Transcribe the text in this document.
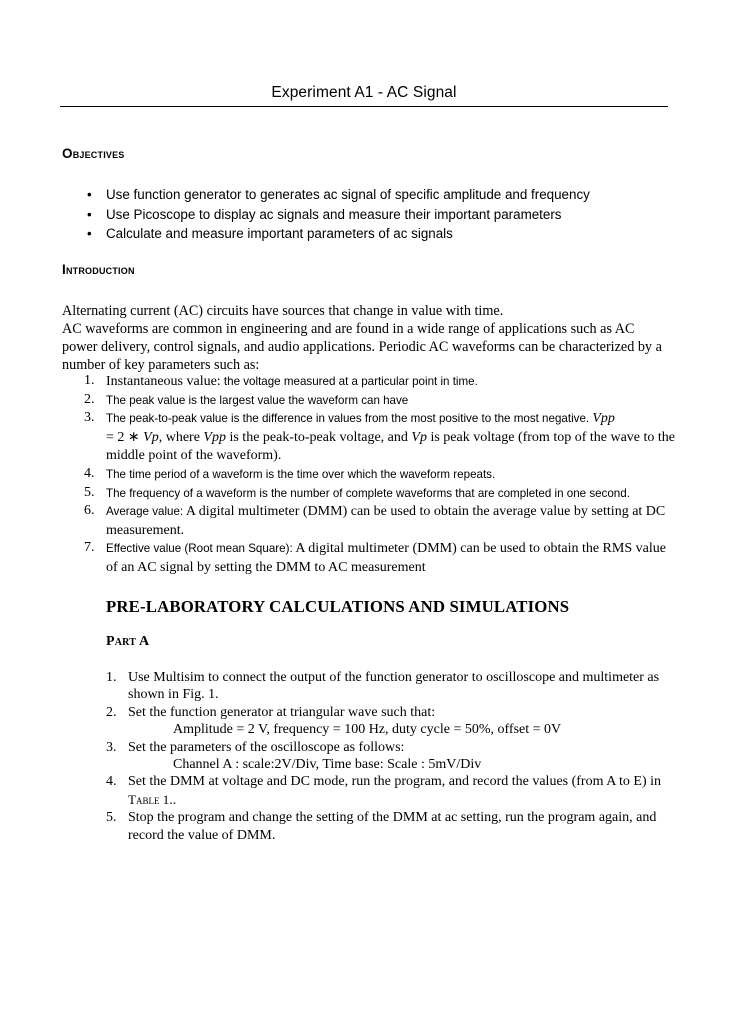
Experiment A1 - AC Signal
Objectives
• Use function generator to generates ac signal of specific amplitude and frequency
• Use Picoscope to display ac signals and measure their important parameters
• Calculate and measure important parameters of ac signals
Introduction

Alternating current (AC) circuits have sources that change in value with time.
AC waveforms are common in engineering and are found in a wide range of applications such as AC power delivery, control signals, and audio applications. Periodic AC waveforms can be characterized by a number of key parameters such as:

1. Instantaneous value: the voltage measured at a particular point in time.
2. The peak value is the largest value the waveform can have
3. The peak-to-peak value is the difference in values from the most positive to the most negative. Vpp
= 2 ∗ Vp, where Vpp is the peak-to-peak voltage, and Vp is peak voltage (from top of the wave to the middle point of the waveform).
4. The time period of a waveform is the time over which the waveform repeats.
5. The frequency of a waveform is the number of complete waveforms that are completed in one second.
6. Average value: A digital multimeter (DMM) can be used to obtain the average value by setting at DC measurement.
7. Effective value (Root mean Square): A digital multimeter (DMM) can be used to obtain the RMS value of an AC signal by setting the DMM to AC measurement
PRE-LABORATORY CALCULATIONS AND SIMULATIONS
Part A
1. Use Multisim to connect the output of the function generator to oscilloscope and multimeter as shown in Fig. 1.
2. Set the function generator at triangular wave such that:
Amplitude = 2 V, frequency = 100 Hz, duty cycle = 50%, offset = 0V
3. Set the parameters of the oscilloscope as follows:
Channel A : scale:2V/Div, Time base: Scale : 5mV/Div
4. Set the DMM at voltage and DC mode, run the program, and record the values (from A to E) in Table 1..
5. Stop the program and change the setting of the DMM at ac setting, run the program again, and record the value of DMM.
